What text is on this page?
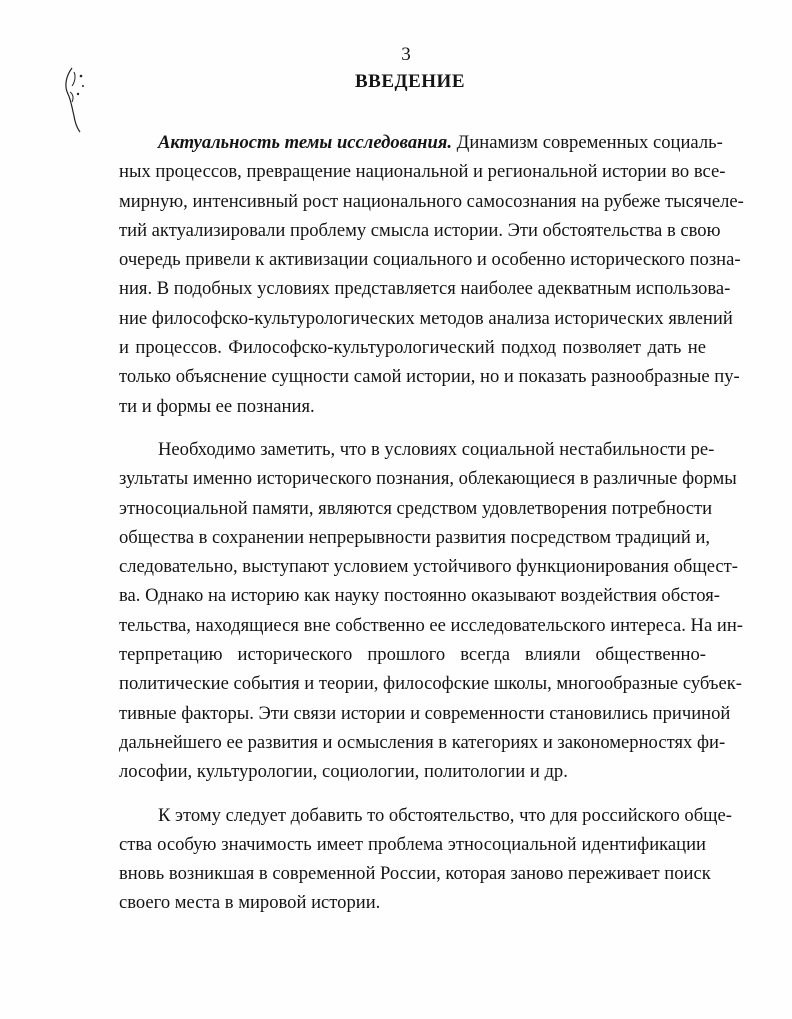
3
ВВЕДЕНИЕ
Актуальность темы исследования. Динамизм современных социаль-
ных процессов, превращение национальной и региональной истории во все-
мирную, интенсивный рост национального самосознания на рубеже тысячеле-
тий актуализировали проблему смысла истории. Эти обстоятельства в свою
очередь привели к активизации социального и особенно исторического позна-
ния. В подобных условиях представляется наиболее адекватным использова-
ние философско-культурологических методов анализа исторических явлений
и процессов. Философско-культурологический подход позволяет дать не
только объяснение сущности самой истории, но и показать разнообразные пу-
ти и формы ее познания.
Необходимо заметить, что в условиях социальной нестабильности ре-
зультаты именно исторического познания, облекающиеся в различные формы
этносоциальной памяти, являются средством удовлетворения потребности
общества в сохранении непрерывности развития посредством традиций и,
следовательно, выступают условием устойчивого функционирования общест-
ва. Однако на историю как науку постоянно оказывают воздействия обстоя-
тельства, находящиеся вне собственно ее исследовательского интереса. На ин-
терпретацию исторического прошлого всегда влияли общественно-
политические события и теории, философские школы, многообразные субъек-
тивные факторы. Эти связи истории и современности становились причиной
дальнейшего ее развития и осмысления в категориях и закономерностях фи-
лософии, культурологии, социологии, политологии и др.
К этому следует добавить то обстоятельство, что для российского обще-
ства особую значимость имеет проблема этносоциальной идентификации
вновь возникшая в современной России, которая заново переживает поиск
своего места в мировой истории.
